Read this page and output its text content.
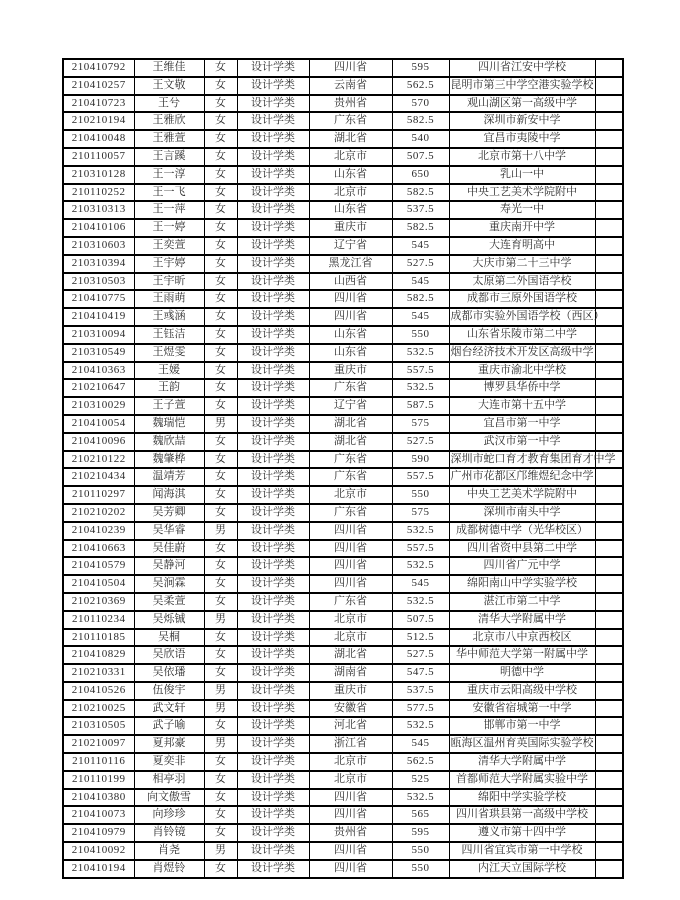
210410792	王维佳	女	设计学类	四川省	595	四川省江安中学校	
210410257	王文敬	女	设计学类	云南省	562.5	昆明市第三中学空港实验学校	
210410723	王兮	女	设计学类	贵州省	570	观山湖区第一高级中学	
210210194	王雅欣	女	设计学类	广东省	582.5	深圳市新安中学	
210410048	王雅萱	女	设计学类	湖北省	540	宜昌市夷陵中学	
210110057	王言蹊	女	设计学类	北京市	507.5	北京市第十八中学	
210310128	王一淳	女	设计学类	山东省	650	乳山一中	
210110252	王一飞	女	设计学类	北京市	582.5	中央工艺美术学院附中	
210310313	王一萍	女	设计学类	山东省	537.5	寿光一中	
210410106	王一婷	女	设计学类	重庆市	582.5	重庆南开中学	
210310603	王奕萱	女	设计学类	辽宁省	545	大连育明高中	
210310394	王宇婷	女	设计学类	黑龙江省	527.5	大庆市第二十三中学	
210310503	王宇昕	女	设计学类	山西省	545	太原第二外国语学校	
210410775	王雨萌	女	设计学类	四川省	582.5	成都市三原外国语学校	
210410419	王彧涵	女	设计学类	四川省	545	成都市实验外国语学校（西区）	
210310094	王钰洁	女	设计学类	山东省	550	山东省乐陵市第二中学	
210310549	王煜雯	女	设计学类	山东省	532.5	烟台经济技术开发区高级中学	
210410363	王媛	女	设计学类	重庆市	557.5	重庆市渝北中学校	
210210647	王韵	女	设计学类	广东省	532.5	博罗县华侨中学	
210310029	王子萱	女	设计学类	辽宁省	587.5	大连市第十五中学	
210410054	魏瑞恺	男	设计学类	湖北省	575	宜昌市第一中学	
210410096	魏欣喆	女	设计学类	湖北省	527.5	武汉市第一中学	
210210122	魏肇桦	女	设计学类	广东省	590	深圳市蛇口育才教育集团育才中学	
210210434	温靖芳	女	设计学类	广东省	557.5	广州市花都区邝维煜纪念中学	
210110297	闻海淇	女	设计学类	北京市	550	中央工艺美术学院附中	
210210202	吴芳卿	女	设计学类	广东省	575	深圳市南头中学	
210410239	吴华睿	男	设计学类	四川省	532.5	成都树德中学（光华校区）	
210410663	吴佳蔚	女	设计学类	四川省	557.5	四川省资中县第二中学	
210410579	吴静河	女	设计学类	四川省	532.5	四川省广元中学	
210410504	吴涧霖	女	设计学类	四川省	545	绵阳南山中学实验学校	
210210369	吴柔萱	女	设计学类	广东省	532.5	湛江市第二中学	
210110234	吴烁铖	男	设计学类	北京市	507.5	清华大学附属中学	
210110185	吴桐	女	设计学类	北京市	512.5	北京市八中京西校区	
210410829	吴欣语	女	设计学类	湖北省	527.5	华中师范大学第一附属中学	
210210331	吴依璠	女	设计学类	湖南省	547.5	明德中学	
210410526	伍俊宇	男	设计学类	重庆市	537.5	重庆市云阳高级中学校	
210210025	武文轩	男	设计学类	安徽省	577.5	安徽省宿城第一中学	
210310505	武子喻	女	设计学类	河北省	532.5	邯郸市第一中学	
210210097	夏邦豪	男	设计学类	浙江省	545	瓯海区温州育英国际实验学校	
210110116	夏奕非	女	设计学类	北京市	562.5	清华大学附属中学	
210110199	相亭羽	女	设计学类	北京市	525	首都师范大学附属实验中学	
210410380	向文傲雪	女	设计学类	四川省	532.5	绵阳中学实验学校	
210410073	向珍珍	女	设计学类	四川省	565	四川省珙县第一高级中学校	
210410979	肖铃镜	女	设计学类	贵州省	595	遵义市第十四中学	
210410092	肖尧	男	设计学类	四川省	550	四川省宜宾市第一中学校	
210410194	肖煜铃	女	设计学类	四川省	550	内江天立国际学校	
